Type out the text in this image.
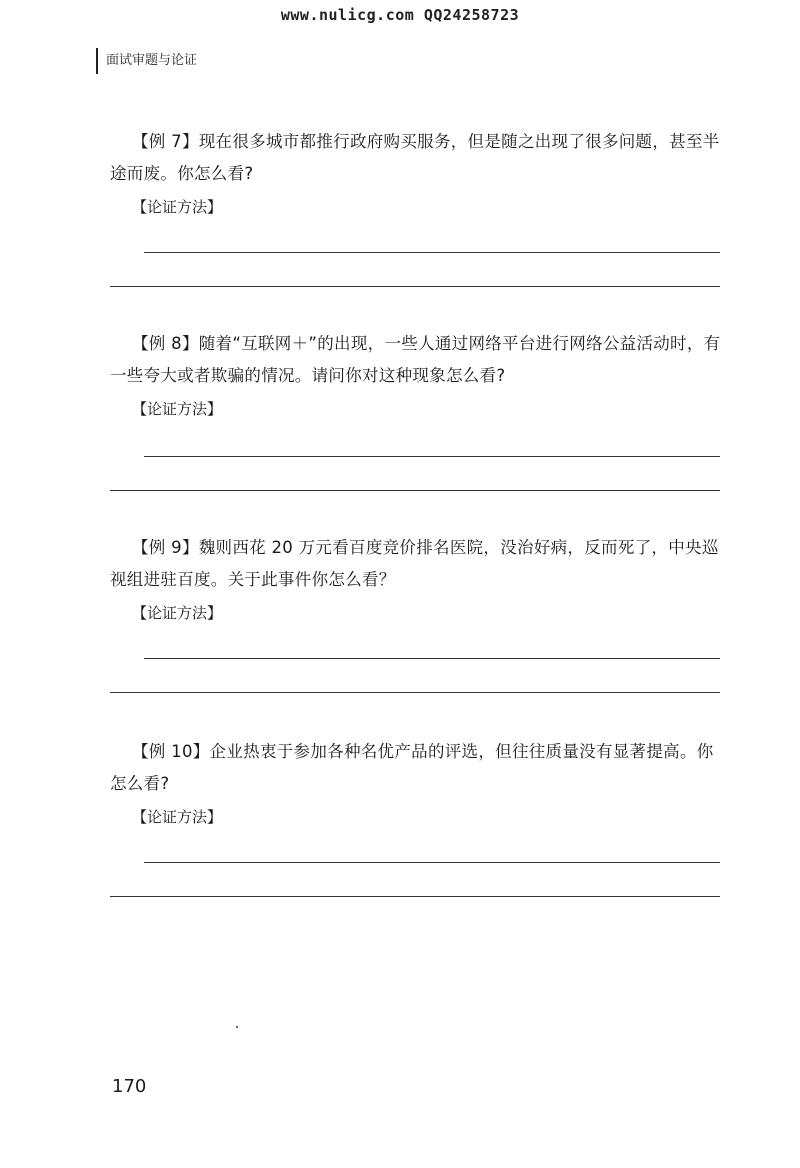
www.nulicg.com QQ24258723
面试审题与论证

【例 7】现在很多城市都推行政府购买服务，但是随之出现了很多问题，甚至半途而废。你怎么看?

【论证方法】

【例 8】随着“互联网＋”的出现，一些人通过网络平台进行网络公益活动时，有一些夸大或者欺骗的情况。请问你对这种现象怎么看?

【论证方法】

【例 9】魏则西花 20 万元看百度竞价排名医院，没治好病，反而死了，中央巡视组进驻百度。关于此事件你怎么看？

【论证方法】

【例 10】企业热衷于参加各种名优产品的评选，但往往质量没有显著提高。你怎么看?

【论证方法】
170
